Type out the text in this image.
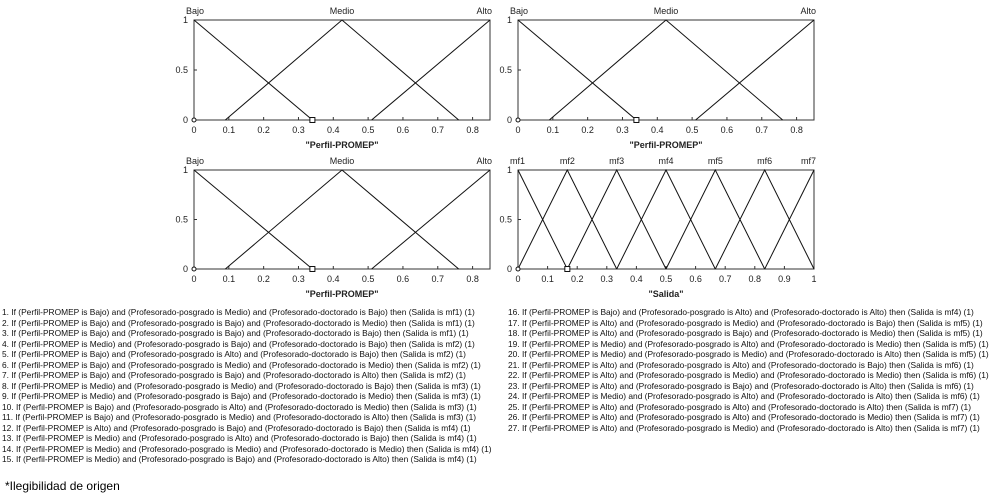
0	0.1 0.2 0.3 0.4 0.5 0.6 0.7 0.8
0
0.5
1
Bajo	Medio	Alto
"Perfil-PROMEP"
0	0.1 0.2 0.3 0.4 0.5 0.6 0.7 0.8
0
0.5
1
Bajo	Medio	Alto
"Perfil-PROMEP"
0	0.1 0.2 0.3 0.4 0.5 0.6 0.7 0.8
0
0.5
1
Bajo	Medio	Alto
"Perfil-PROMEP"
0 0.1 0.2 0.3 0.4 0.5 0.6 0.7 0.8 0.9 1
0
0.5
1
mf1	mf2	mf3	mf4	mf5	mf6	mf7
"Salida"
1. If (Perfil-PROMEP is Bajo) and (Profesorado-posgrado is Medio) and (Profesorado-doctorado is Bajo) then (Salida is mf1) (1)
2. If (Perfil-PROMEP is Bajo) and (Profesorado-posgrado is Bajo) and (Profesorado-doctorado is Medio) then (Salida is mf1) (1)
3. If (Perfil-PROMEP is Bajo) and (Profesorado-posgrado is Bajo) and (Profesorado-doctorado is Bajo) then (Salida is mf1) (1)
4. If (Perfil-PROMEP is Medio) and (Profesorado-posgrado is Bajo) and (Profesorado-doctorado is Bajo) then (Salida is mf2) (1)
5. If (Perfil-PROMEP is Bajo) and (Profesorado-posgrado is Alto) and (Profesorado-doctorado is Bajo) then (Salida is mf2) (1)
6. If (Perfil-PROMEP is Bajo) and (Profesorado-posgrado is Medio) and (Profesorado-doctorado is Medio) then (Salida is mf2) (1)
7. If (Perfil-PROMEP is Bajo) and (Profesorado-posgrado is Bajo) and (Profesorado-doctorado is Alto) then (Salida is mf2) (1)
8. If (Perfil-PROMEP is Medio) and (Profesorado-posgrado is Medio) and (Profesorado-doctorado is Bajo) then (Salida is mf3) (1)
9. If (Perfil-PROMEP is Medio) and (Profesorado-posgrado is Bajo) and (Profesorado-doctorado is Medio) then (Salida is mf3) (1)
10. If (Perfil-PROMEP is Bajo) and (Profesorado-posgrado is Alto) and (Profesorado-doctorado is Medio) then (Salida is mf3) (1)
11. If (Perfil-PROMEP is Bajo) and (Profesorado-posgrado is Medio) and (Profesorado-doctorado is Alto) then (Salida is mf3) (1)
12. If (Perfil-PROMEP is Alto) and (Profesorado-posgrado is Bajo) and (Profesorado-doctorado is Bajo) then (Salida is mf4) (1)
13. If (Perfil-PROMEP is Medio) and (Profesorado-posgrado is Alto) and (Profesorado-doctorado is Bajo) then (Salida is mf4) (1)
14. If (Perfil-PROMEP is Medio) and (Profesorado-posgrado is Medio) and (Profesorado-doctorado is Medio) then (Salida is mf4) (1)
15. If (Perfil-PROMEP is Medio) and (Profesorado-posgrado is Bajo) and (Profesorado-doctorado is Alto) then (Salida is mf4) (1)
16. If (Perfil-PROMEP is Bajo) and (Profesorado-posgrado is Alto) and (Profesorado-doctorado is Alto) then (Salida is mf4) (1)
17. If (Perfil-PROMEP is Alto) and (Profesorado-posgrado is Medio) and (Profesorado-doctorado is Bajo) then (Salida is mf5) (1)
18. If (Perfil-PROMEP is Alto) and (Profesorado-posgrado is Bajo) and (Profesorado-doctorado is Medio) then (Salida is mf5) (1)
19. If (Perfil-PROMEP is Medio) and (Profesorado-posgrado is Alto) and (Profesorado-doctorado is Medio) then (Salida is mf5) (1)
20. If (Perfil-PROMEP is Medio) and (Profesorado-posgrado is Medio) and (Profesorado-doctorado is Alto) then (Salida is mf5) (1)
21. If (Perfil-PROMEP is Alto) and (Profesorado-posgrado is Alto) and (Profesorado-doctorado is Bajo) then (Salida is mf6) (1)
22. If (Perfil-PROMEP is Alto) and (Profesorado-posgrado is Medio) and (Profesorado-doctorado is Medio) then (Salida is mf6) (1)
23. If (Perfil-PROMEP is Alto) and (Profesorado-posgrado is Bajo) and (Profesorado-doctorado is Alto) then (Salida is mf6) (1)
24. If (Perfil-PROMEP is Medio) and (Profesorado-posgrado is Alto) and (Profesorado-doctorado is Alto) then (Salida is mf6) (1)
25. If (Perfil-PROMEP is Alto) and (Profesorado-posgrado is Alto) and (Profesorado-doctorado is Alto) then (Salida is mf7) (1)
26. If (Perfil-PROMEP is Alto) and (Profesorado-posgrado is Alto) and (Profesorado-doctorado is Medio) then (Salida is mf7) (1)
27. If (Perfil-PROMEP is Alto) and (Profesorado-posgrado is Medio) and (Profesorado-doctorado is Alto) then (Salida is mf7) (1)
*Ilegibilidad de origen
